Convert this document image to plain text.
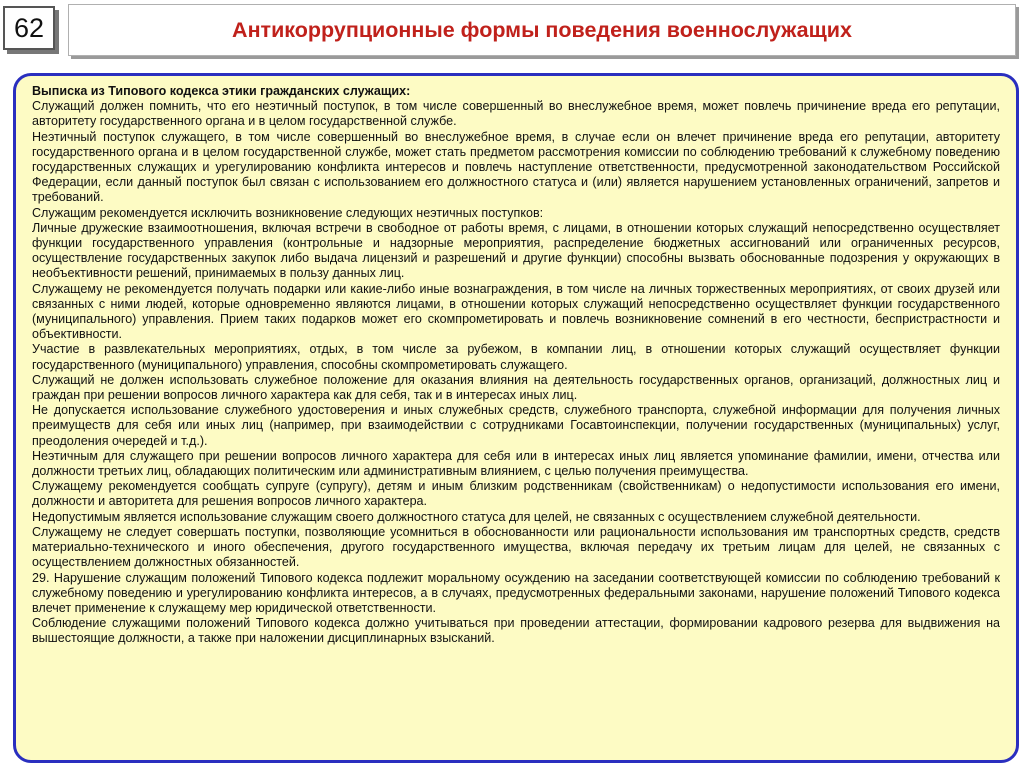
62	Антикоррупционные формы поведения военнослужащих

Выписка из Типового кодекса этики гражданских служащих:

Служащий должен помнить, что его неэтичный поступок, в том числе совершенный во внеслужебное время, может повлечь причинение вреда его репутации, авторитету государственного органа и в целом государственной службе.

Неэтичный поступок служащего, в том числе совершенный во внеслужебное время, в случае если он влечет причинение вреда его репутации, авторитету государственного органа и в целом государственной службе, может стать предметом рассмотрения комиссии по соблюдению требований к служебному поведению государственных служащих и урегулированию конфликта интересов и повлечь наступление ответственности, предусмотренной законодательством Российской Федерации, если данный поступок был связан с использованием его должностного статуса и (или) является нарушением установленных ограничений, запретов и требований.

Служащим рекомендуется исключить возникновение следующих неэтичных поступков:

Личные дружеские взаимоотношения, включая встречи в свободное от работы время, с лицами, в отношении которых служащий непосредственно осуществляет функции государственного управления (контрольные и надзорные мероприятия, распределение бюджетных ассигнований или ограниченных ресурсов, осуществление государственных закупок либо выдача лицензий и разрешений и другие функции) способны вызвать обоснованные подозрения у окружающих в необъективности решений, принимаемых в пользу данных лиц.

Служащему не рекомендуется получать подарки или какие-либо иные вознаграждения, в том числе на личных торжественных мероприятиях, от своих друзей или связанных с ними людей, которые одновременно являются лицами, в отношении которых служащий непосредственно осуществляет функции государственного (муниципального) управления. Прием таких подарков может его скомпрометировать и повлечь возникновение сомнений в его честности, беспристрастности и объективности.

Участие в развлекательных мероприятиях, отдых, в том числе за рубежом, в компании лиц, в отношении которых служащий осуществляет функции государственного (муниципального) управления, способны скомпрометировать служащего.

Служащий не должен использовать служебное положение для оказания влияния на деятельность государственных органов, организаций, должностных лиц и граждан при решении вопросов личного характера как для себя, так и в интересах иных лиц.

Не допускается использование служебного удостоверения и иных служебных средств, служебного транспорта, служебной информации для получения личных преимуществ для себя или иных лиц (например, при взаимодействии с сотрудниками Госавтоинспекции, получении государственных (муниципальных) услуг, преодоления очередей и т.д.).

Неэтичным для служащего при решении вопросов личного характера для себя или в интересах иных лиц является упоминание фамилии, имени, отчества или должности третьих лиц, обладающих политическим или административным влиянием, с целью получения преимущества.

Служащему рекомендуется сообщать супруге (супругу), детям и иным близким родственникам (свойственникам) о недопустимости использования его имени, должности и авторитета для решения вопросов личного характера.

Недопустимым является использование служащим своего должностного статуса для целей, не связанных с осуществлением служебной деятельности.

Служащему не следует совершать поступки, позволяющие усомниться в обоснованности или рациональности использования им транспортных средств, средств материально-технического и иного обеспечения, другого государственного имущества, включая передачу их третьим лицам для целей, не связанных с осуществлением должностных обязанностей.

29. Нарушение служащим положений Типового кодекса подлежит моральному осуждению на заседании соответствующей комиссии по соблюдению требований к служебному поведению и урегулированию конфликта интересов, а в случаях, предусмотренных федеральными законами, нарушение положений Типового кодекса влечет применение к служащему мер юридической ответственности.

Соблюдение служащими положений Типового кодекса должно учитываться при проведении аттестации, формировании кадрового резерва для выдвижения на вышестоящие должности, а также при наложении дисциплинарных взысканий.
